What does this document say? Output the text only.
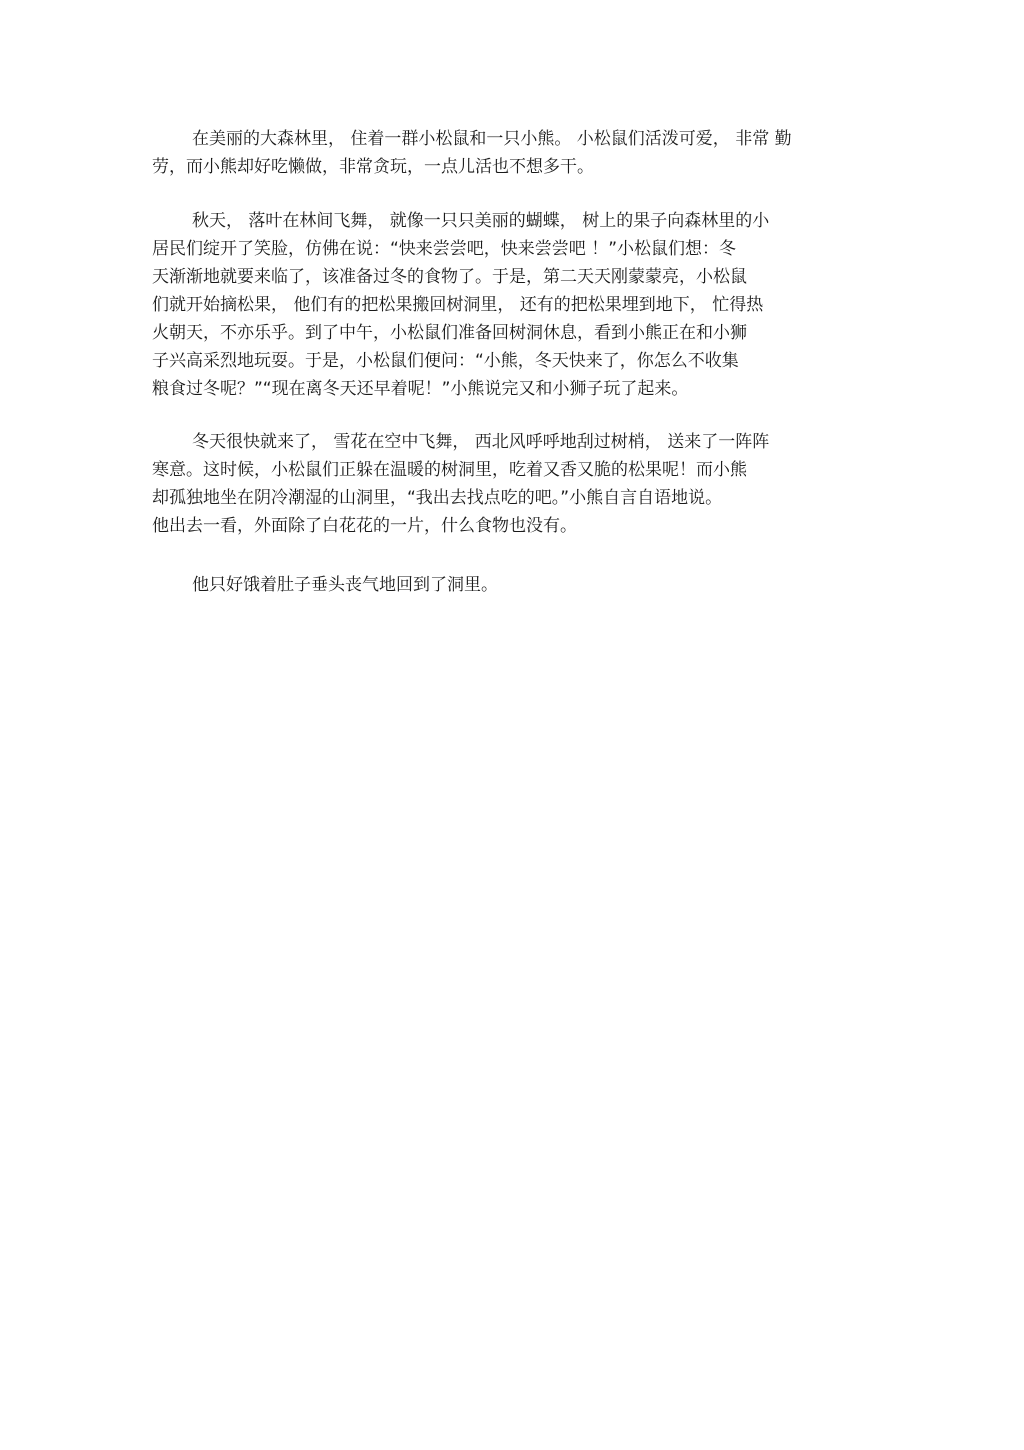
在美丽的大森林里， 住着一群小松鼠和一只小熊。 小松鼠们活泼可爱， 非常 勤
劳，而小熊却好吃懒做，非常贪玩，一点儿活也不想多干。
秋天， 落叶在林间飞舞， 就像一只只美丽的蝴蝶， 树上的果子向森林里的小
居民们绽开了笑脸，仿佛在说：“快来尝尝吧，快来尝尝吧 ！”小松鼠们想：冬
天渐渐地就要来临了，该准备过冬的食物了。于是，第二天天刚蒙蒙亮，小松鼠
们就开始摘松果， 他们有的把松果搬回树洞里， 还有的把松果埋到地下， 忙得热
火朝天，不亦乐乎。到了中午，小松鼠们准备回树洞休息，看到小熊正在和小狮
子兴高采烈地玩耍。于是，小松鼠们便问：“小熊，冬天快来了，你怎么不收集
粮食过冬呢？”“现在离冬天还早着呢！”小熊说完又和小狮子玩了起来。
冬天很快就来了， 雪花在空中飞舞， 西北风呼呼地刮过树梢， 送来了一阵阵
寒意。这时候，小松鼠们正躲在温暖的树洞里，吃着又香又脆的松果呢！而小熊
却孤独地坐在阴冷潮湿的山洞里，“我出去找点吃的吧。”小熊自言自语地说。
他出去一看，外面除了白花花的一片，什么食物也没有。
他只好饿着肚子垂头丧气地回到了洞里。
